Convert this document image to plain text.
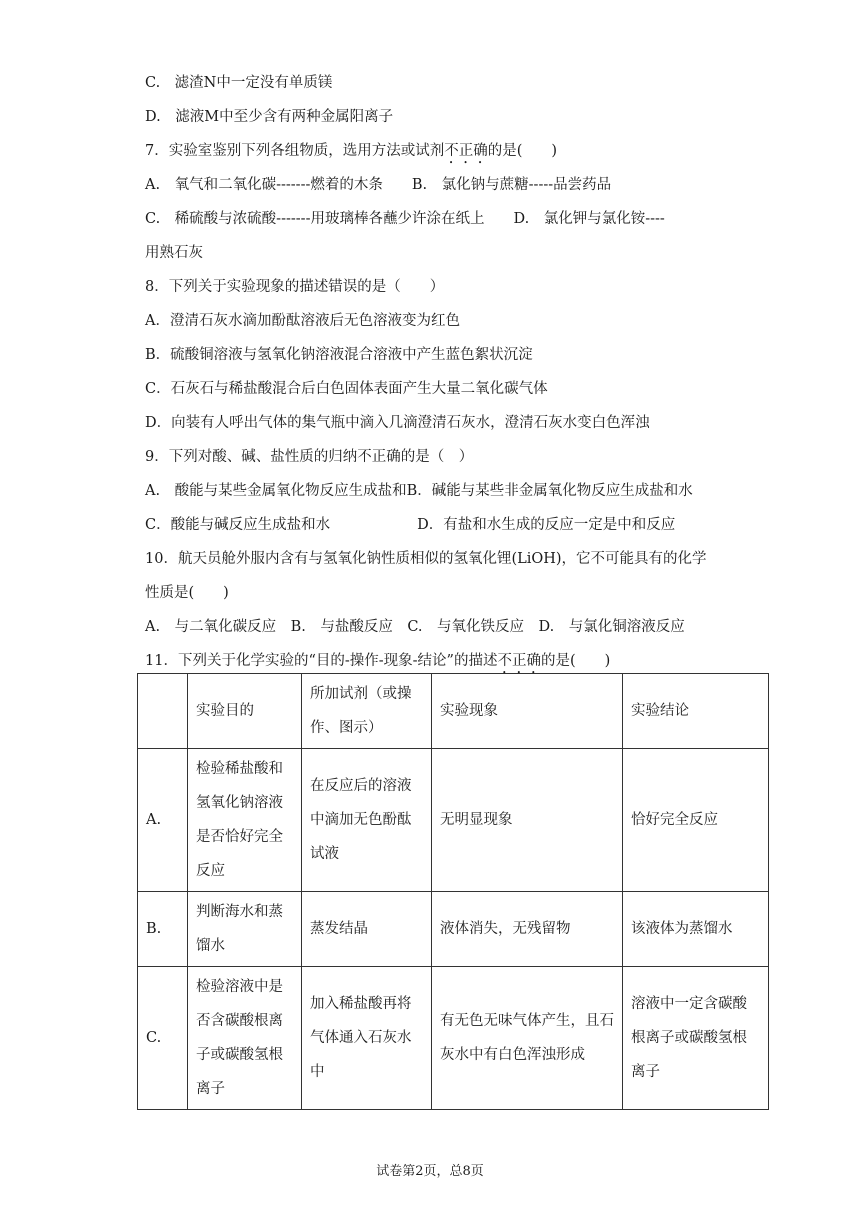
C.　滤渣N中一定没有单质镁
D.　滤液M中至少含有两种金属阳离子
7．实验室鉴别下列各组物质，选用方法或试剂不正确的是(　　)
A.　氧气和二氧化碳-------燃着的木条　　B.　氯化钠与蔗糖-----品尝药品
C.　稀硫酸与浓硫酸-------用玻璃棒各蘸少许涂在纸上　　D.　氯化钾与氯化铵----
用熟石灰
8．下列关于实验现象的描述错误的是（　　）
A．澄清石灰水滴加酚酞溶液后无色溶液变为红色
B．硫酸铜溶液与氢氧化钠溶液混合溶液中产生蓝色絮状沉淀
C．石灰石与稀盐酸混合后白色固体表面产生大量二氧化碳气体
D．向装有人呼出气体的集气瓶中滴入几滴澄清石灰水，澄清石灰水变白色浑浊
9．下列对酸、碱、盐性质的归纳不正确的是（　）
A.　酸能与某些金属氧化物反应生成盐和B．碱能与某些非金属氧化物反应生成盐和水
C．酸能与碱反应生成盐和水　　　　　　D．有盐和水生成的反应一定是中和反应
10．航天员舱外服内含有与氢氧化钠性质相似的氢氧化锂(LiOH)，它不可能具有的化学
性质是(　　)
A.　与二氧化碳反应　B.　与盐酸反应　C.　与氧化铁反应　D.　与氯化铜溶液反应
11．下列关于化学实验的“目的-操作-现象-结论”的描述不正确的是(　　)
	实验目的	所加试剂（或操作、图示）	实验现象	实验结论
A.	检验稀盐酸和氢氧化钠溶液是否恰好完全反应	在反应后的溶液中滴加无色酚酞试液	无明显现象	恰好完全反应
B.	判断海水和蒸馏水	蒸发结晶	液体消失，无残留物	该液体为蒸馏水
C.	检验溶液中是否含碳酸根离子或碳酸氢根离子	加入稀盐酸再将气体通入石灰水中	有无色无味气体产生，且石灰水中有白色浑浊形成	溶液中一定含碳酸根离子或碳酸氢根离子
试卷第2页，总8页
